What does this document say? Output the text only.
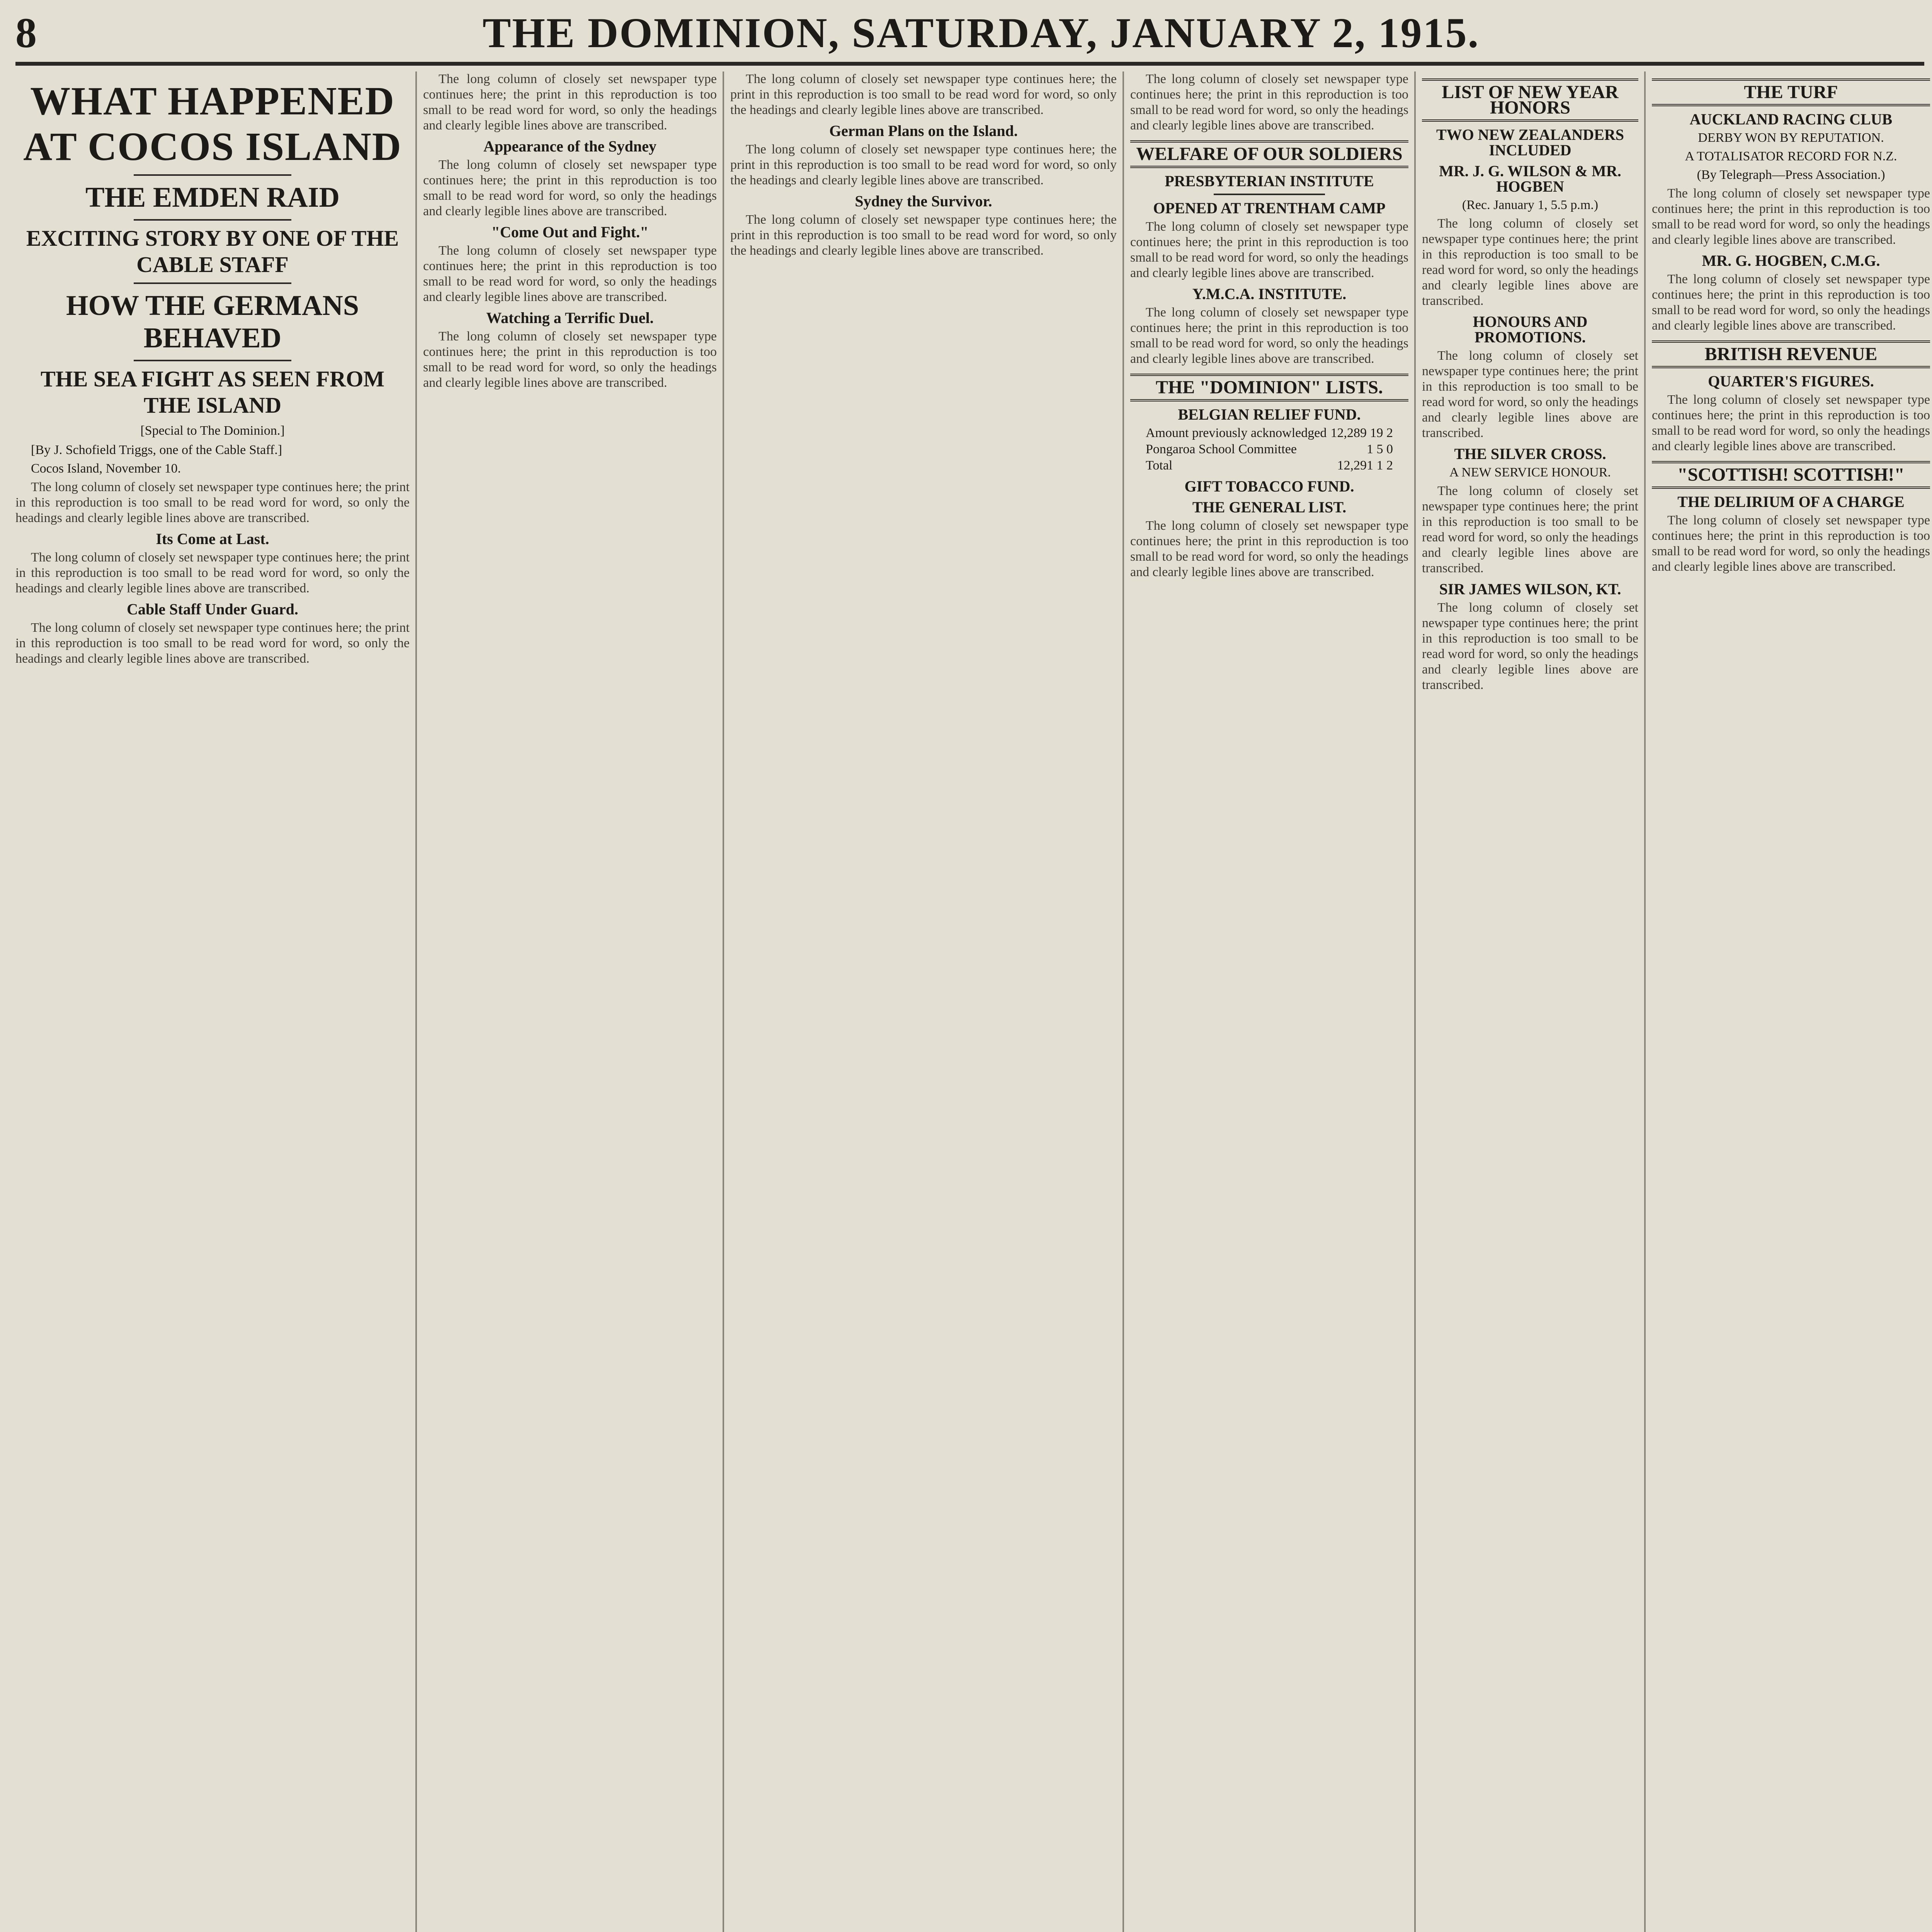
8	THE DOMINION, SATURDAY, JANUARY 2, 1915.
WHAT HAPPENED AT COCOS ISLAND
THE EMDEN RAID
EXCITING STORY BY ONE OF THE CABLE STAFF
HOW THE GERMANS BEHAVED
THE SEA FIGHT AS SEEN FROM THE ISLAND
[Special to The Dominion.]

[By J. Schofield Triggs, one of the Cable Staff.]

Cocos Island, November 10.

The long column of closely set newspaper type continues here; the print in this reproduction is too small to be read word for word, so only the headings and clearly legible lines above are transcribed.

Its Come at Last.

The long column of closely set newspaper type continues here; the print in this reproduction is too small to be read word for word, so only the headings and clearly legible lines above are transcribed.

Cable Staff Under Guard.

The long column of closely set newspaper type continues here; the print in this reproduction is too small to be read word for word, so only the headings and clearly legible lines above are transcribed.

The long column of closely set newspaper type continues here; the print in this reproduction is too small to be read word for word, so only the headings and clearly legible lines above are transcribed.

Appearance of the Sydney

The long column of closely set newspaper type continues here; the print in this reproduction is too small to be read word for word, so only the headings and clearly legible lines above are transcribed.

"Come Out and Fight."

The long column of closely set newspaper type continues here; the print in this reproduction is too small to be read word for word, so only the headings and clearly legible lines above are transcribed.

Watching a Terrific Duel.

The long column of closely set newspaper type continues here; the print in this reproduction is too small to be read word for word, so only the headings and clearly legible lines above are transcribed.

The long column of closely set newspaper type continues here; the print in this reproduction is too small to be read word for word, so only the headings and clearly legible lines above are transcribed.

German Plans on the Island.

The long column of closely set newspaper type continues here; the print in this reproduction is too small to be read word for word, so only the headings and clearly legible lines above are transcribed.

Sydney the Survivor.

The long column of closely set newspaper type continues here; the print in this reproduction is too small to be read word for word, so only the headings and clearly legible lines above are transcribed.

The long column of closely set newspaper type continues here; the print in this reproduction is too small to be read word for word, so only the headings and clearly legible lines above are transcribed.

WELFARE OF OUR SOLDIERS
PRESBYTERIAN INSTITUTE
OPENED AT TRENTHAM CAMP

The long column of closely set newspaper type continues here; the print in this reproduction is too small to be read word for word, so only the headings and clearly legible lines above are transcribed.

Y.M.C.A. INSTITUTE.

The long column of closely set newspaper type continues here; the print in this reproduction is too small to be read word for word, so only the headings and clearly legible lines above are transcribed.

THE "DOMINION" LISTS.
BELGIAN RELIEF FUND.
Amount previously acknowledged 12,289 19 2
Pongaroa School Committee	1 5 0
Total	12,291 1 2
GIFT TOBACCO FUND.
THE GENERAL LIST.

The long column of closely set newspaper type continues here; the print in this reproduction is too small to be read word for word, so only the headings and clearly legible lines above are transcribed.

LIST OF NEW YEAR HONORS
TWO NEW ZEALANDERS INCLUDED
MR. J. G. WILSON & MR. HOGBEN
(Rec. January 1, 5.5 p.m.)

The long column of closely set newspaper type continues here; the print in this reproduction is too small to be read word for word, so only the headings and clearly legible lines above are transcribed.

HONOURS AND PROMOTIONS.

The long column of closely set newspaper type continues here; the print in this reproduction is too small to be read word for word, so only the headings and clearly legible lines above are transcribed.

THE SILVER CROSS.
A NEW SERVICE HONOUR.

The long column of closely set newspaper type continues here; the print in this reproduction is too small to be read word for word, so only the headings and clearly legible lines above are transcribed.

SIR JAMES WILSON, KT.

The long column of closely set newspaper type continues here; the print in this reproduction is too small to be read word for word, so only the headings and clearly legible lines above are transcribed.

THE TURF
AUCKLAND RACING CLUB
DERBY WON BY REPUTATION.
A TOTALISATOR RECORD FOR N.Z.
(By Telegraph—Press Association.)

The long column of closely set newspaper type continues here; the print in this reproduction is too small to be read word for word, so only the headings and clearly legible lines above are transcribed.

MR. G. HOGBEN, C.M.G.

The long column of closely set newspaper type continues here; the print in this reproduction is too small to be read word for word, so only the headings and clearly legible lines above are transcribed.

BRITISH REVENUE
QUARTER'S FIGURES.

The long column of closely set newspaper type continues here; the print in this reproduction is too small to be read word for word, so only the headings and clearly legible lines above are transcribed.

"SCOTTISH! SCOTTISH!"
THE DELIRIUM OF A CHARGE

The long column of closely set newspaper type continues here; the print in this reproduction is too small to be read word for word, so only the headings and clearly legible lines above are transcribed.
